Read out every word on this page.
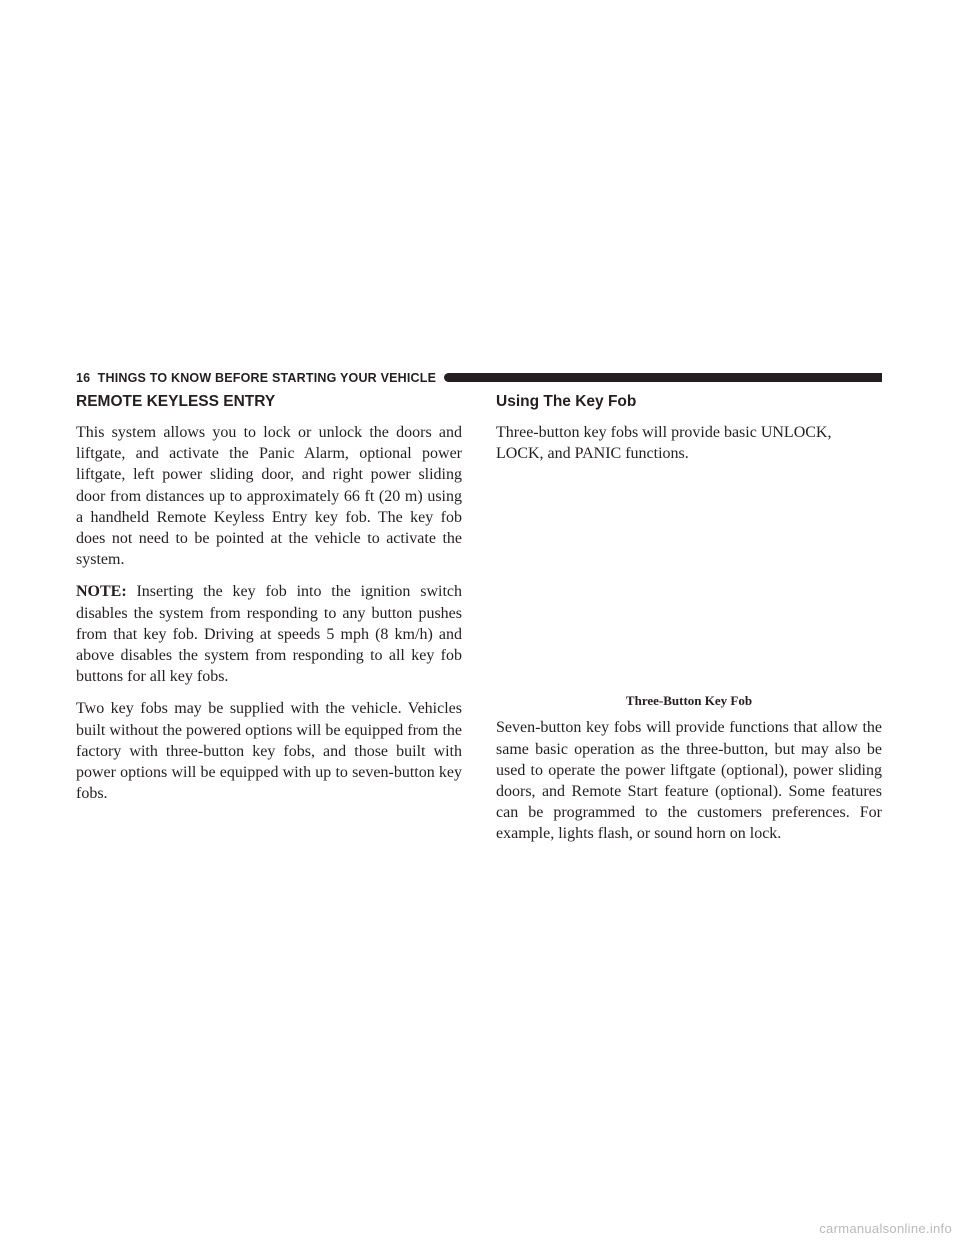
16 THINGS TO KNOW BEFORE STARTING YOUR VEHICLE
REMOTE KEYLESS ENTRY

This system allows you to lock or unlock the doors and liftgate, and activate the Panic Alarm, optional power liftgate, left power sliding door, and right power sliding door from distances up to approximately 66 ft (20 m) using a handheld Remote Keyless Entry key fob. The key fob does not need to be pointed at the vehicle to activate the system.

NOTE: Inserting the key fob into the ignition switch disables the system from responding to any button pushes from that key fob. Driving at speeds 5 mph (8 km/h) and above disables the system from responding to all key fob buttons for all key fobs.

Two key fobs may be supplied with the vehicle. Vehicles built without the powered options will be equipped from the factory with three-button key fobs, and those built with power options will be equipped with up to seven-button key fobs.

Using The Key Fob

Three-button key fobs will provide basic UNLOCK, LOCK, and PANIC functions.

Three-Button Key Fob

Seven-button key fobs will provide functions that allow the same basic operation as the three-button, but may also be used to operate the power liftgate (optional), power sliding doors, and Remote Start feature (optional). Some features can be programmed to the customers preferences. For example, lights flash, or sound horn on lock.

carmanualsonline.info
